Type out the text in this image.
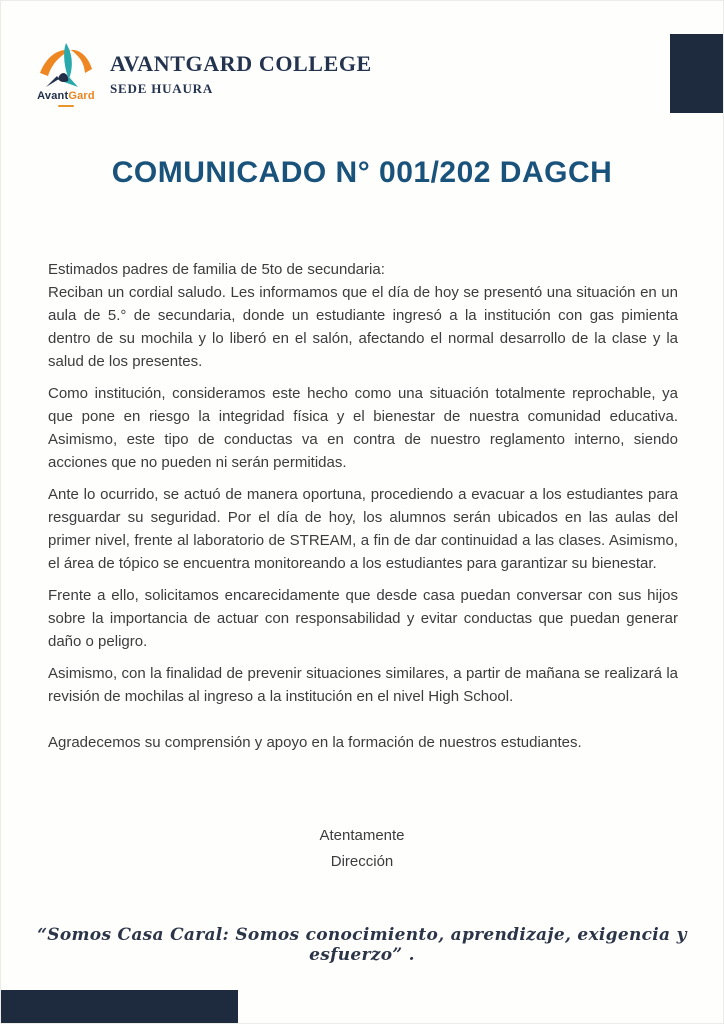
AvantGard
AVANTGARD COLLEGE
SEDE HUAURA
COMUNICADO N° 001/202 DAGCH

Estimados padres de familia de 5to de secundaria:

Reciban un cordial saludo. Les informamos que el día de hoy se presentó una situación en un aula de 5.° de secundaria, donde un estudiante ingresó a la institución con gas pimienta dentro de su mochila y lo liberó en el salón, afectando el normal desarrollo de la clase y la salud de los presentes.

Como institución, consideramos este hecho como una situación totalmente reprochable, ya que pone en riesgo la integridad física y el bienestar de nuestra comunidad educativa. Asimismo, este tipo de conductas va en contra de nuestro reglamento interno, siendo acciones que no pueden ni serán permitidas.

Ante lo ocurrido, se actuó de manera oportuna, procediendo a evacuar a los estudiantes para resguardar su seguridad. Por el día de hoy, los alumnos serán ubicados en las aulas del primer nivel, frente al laboratorio de STREAM, a fin de dar continuidad a las clases. Asimismo, el área de tópico se encuentra monitoreando a los estudiantes para garantizar su bienestar.

Frente a ello, solicitamos encarecidamente que desde casa puedan conversar con sus hijos sobre la importancia de actuar con responsabilidad y evitar conductas que puedan generar daño o peligro.

Asimismo, con la finalidad de prevenir situaciones similares, a partir de mañana se realizará la revisión de mochilas al ingreso a la institución en el nivel High School.

Agradecemos su comprensión y apoyo en la formación de nuestros estudiantes.

Atentamente
Dirección

“Somos Casa Caral: Somos conocimiento, aprendizaje, exigencia y esfuerzo” .
